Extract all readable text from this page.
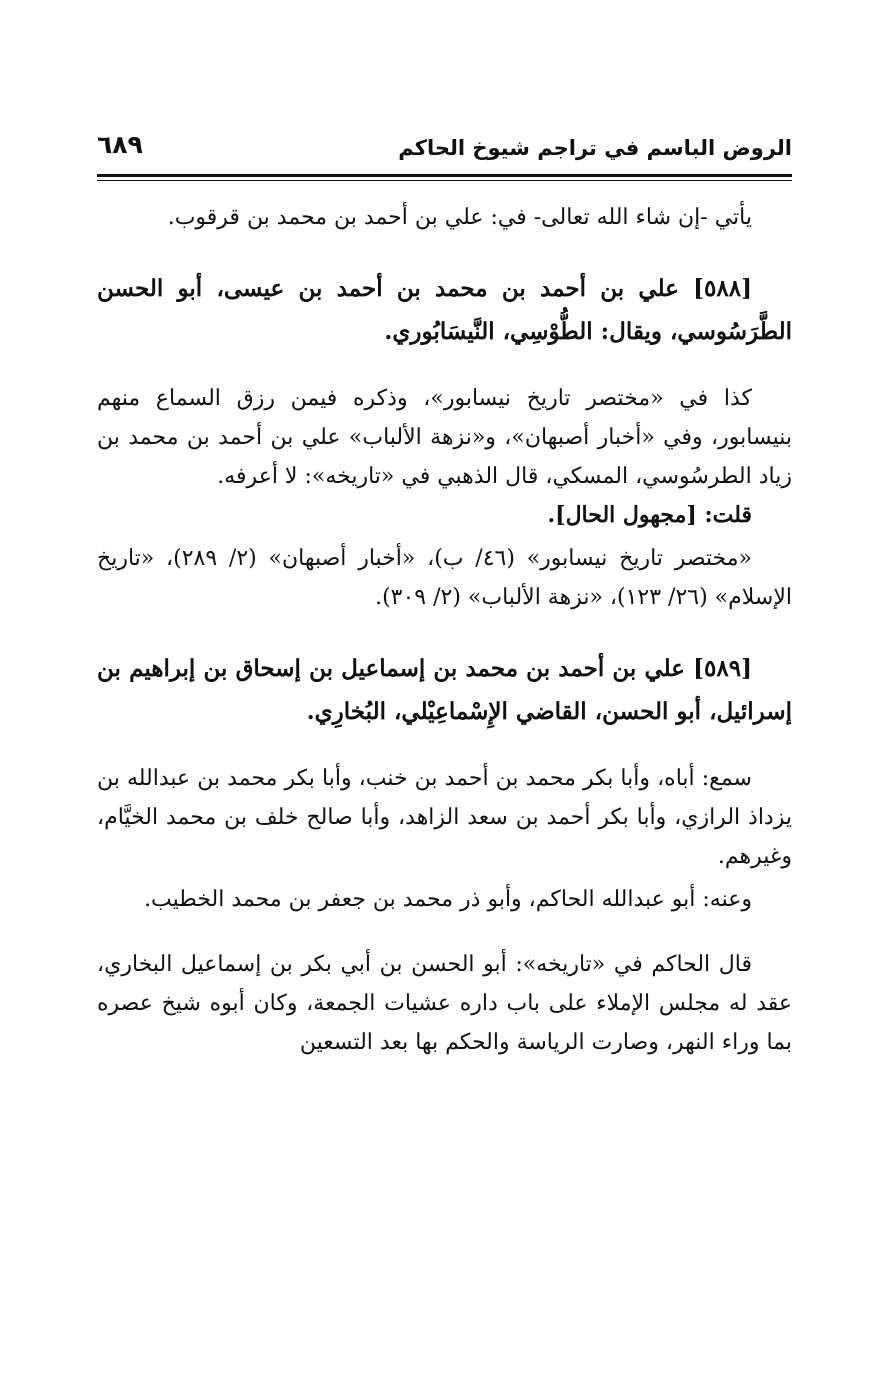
الروض الباسم في تراجم شيوخ الحاكم
٦٨٩

يأتي -إن شاء الله تعالى- في: علي بن أحمد بن محمد بن قرقوب.

[٥٨٨] علي بن أحمد بن محمد بن أحمد بن عيسى، أبو الحسن الطَّرَسُوسي، ويقال: الطُّوْسِي، النَّيسَابُوري.

كذا في «مختصر تاريخ نيسابور»، وذكره فيمن رزق السماع منهم بنيسابور، وفي «أخبار أصبهان»، و«نزهة الألباب» علي بن أحمد بن محمد بن زياد الطرسُوسي، المسكي، قال الذهبي في «تاريخه»: لا أعرفه.

قلت: [مجهول الحال].

«مختصر تاريخ نيسابور» (٤٦/ ب)، «أخبار أصبهان» (٢/ ٢٨٩)، «تاريخ الإسلام» (٢٦/ ١٢٣)، «نزهة الألباب» (٢/ ٣٠٩).

[٥٨٩] علي بن أحمد بن محمد بن إسماعيل بن إسحاق بن إبراهيم بن إسرائيل، أبو الحسن، القاضي الإِسْماعِيْلي، البُخارِي.

سمع: أباه، وأبا بكر محمد بن أحمد بن خنب، وأبا بكر محمد بن عبدالله بن يزداذ الرازي، وأبا بكر أحمد بن سعد الزاهد، وأبا صالح خلف بن محمد الخيَّام، وغيرهم.

وعنه: أبو عبدالله الحاكم، وأبو ذر محمد بن جعفر بن محمد الخطيب.

قال الحاكم في «تاريخه»: أبو الحسن بن أبي بكر بن إسماعيل البخاري، عقد له مجلس الإملاء على باب داره عشيات الجمعة، وكان أبوه شيخ عصره بما وراء النهر، وصارت الرياسة والحكم بها بعد التسعين
